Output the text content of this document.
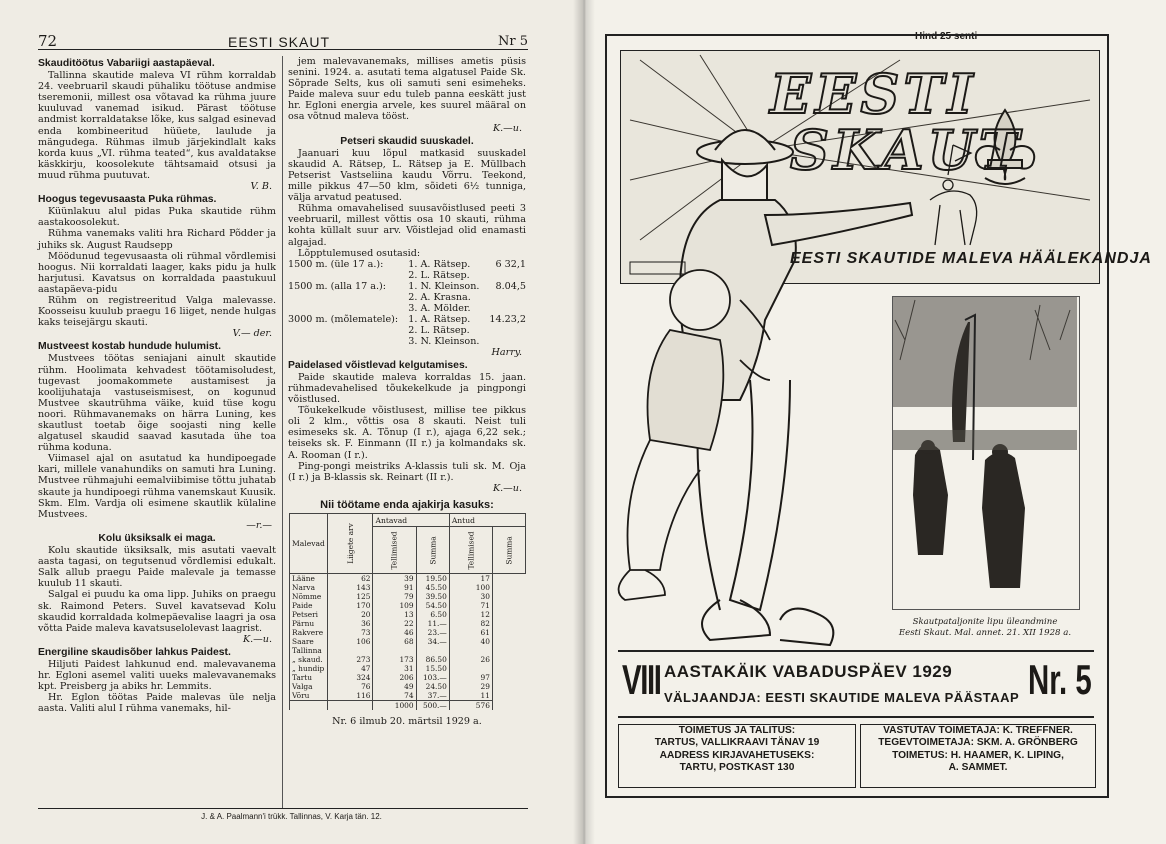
72	EESTI SKAUT	Nr 5
Skauditöötus Vabariigi aastapäeval.

Tallinna skautide maleva VI rühm korraldab 24. veebruaril skaudi pühaliku töötuse andmise tseremonii, millest osa võtavad ka rühma juure kuuluvad vanemad isikud. Pärast töötuse andmist korraldatakse lõke, kus salgad esinevad enda kombineeritud hüüete, laulude ja mängudega. Rühmas ilmub järjekindlalt kaks korda kuus „VI. rühma teated“, kus avaldatakse käskkirju, koosolekute tähtsamaid otsusi ja muud rühma puutuvat.

V. B.
Hoogus tegevusaasta Puka rühmas.

Küünlakuu alul pidas Puka skautide rühm aastakoosolekut.

Rühma vanemaks valiti hra Richard Põdder ja juhiks sk. August Raudsepp

Möödunud tegevusaasta oli rühmal võrdlemisi hoogus. Nii korraldati laager, kaks pidu ja hulk harjutusi. Kavatsus on korraldada paastukuul aastapäeva-pidu

Rühm on registreeritud Valga malevasse. Koosseisu kuulub praegu 16 liiget, nende hulgas kaks teisejärgu skauti.

V.— der.
Mustveest kostab hundude hulumist.

Mustvees töötas seniajani ainult skautide rühm. Hoolimata kehvadest töötamisoludest, tugevast joomakommete austamisest ja koolijuhataja vastuseismisest, on kogunud Mustvee skautrühma väike, kuid tüse kogu noori. Rühmavanemaks on härra Luning, kes skautlust toetab õige soojasti ning kelle algatusel skaudid saavad kasutada ühe toa rühma koduna.

Viimasel ajal on asutatud ka hundipoegade kari, millele vanahundiks on samuti hra Luning. Mustvee rühmajuhi eemalviibimise tõttu juhatab skaute ja hundipoegi rühma vanemskaut Kuusik. Skm. Elm. Vardja oli esimene skautlik külaline Mustvees.

—r.—
Kolu üksiksalk ei maga.

Kolu skautide üksiksalk, mis asutati vaevalt aasta tagasi, on tegutsenud võrdlemisi edukalt. Salk allub praegu Paide malevale ja temasse kuulub 11 skauti.

Salgal ei puudu ka oma lipp. Juhiks on praegu sk. Raimond Peters. Suvel kavatsevad Kolu skaudid korraldada kolmepäevalise laagri ja osa võtta Paide maleva kavatsuselolevast laagrist.

K.—u.
Energiline skaudisõber lahkus Paidest.

Hiljuti Paidest lahkunud end. malevavanema hr. Egloni asemel valiti uueks malevavanemaks kpt. Preisberg ja abiks hr. Lemmits.

Hr. Eglon töötas Paide malevas üle nelja aasta. Valiti alul I rühma vanemaks, hil-

jem malevavanemaks, millises ametis püsis senini. 1924. a. asutati tema algatusel Paide Sk. Sõprade Selts, kus oli samuti seni esimeheks. Paide maleva suur edu tuleb panna eeskätt just hr. Egloni energia arvele, kes suurel määral on osa võtnud maleva tööst.

K.—u.
Petseri skaudid suuskadel.

Jaanuari kuu lõpul matkasid suuskadel skaudid A. Rätsep, L. Rätsep ja E. Müllbach Petserist Vastseliina kaudu Võrru. Teekond, mille pikkus 47—50 klm, sõideti 6½ tunniga, välja arvatud peatused.

Rühma omavahelised suusavõistlused peeti 3 veebruaril, millest võttis osa 10 skauti, rühma kohta küllalt suur arv. Võistlejad olid enamasti algajad.

Lõpptulemused osutasid:

1500 m. (üle 17 a.):	1. A. Rätsep.	6 32,1
	2. L. Rätsep.	
1500 m. (alla 17 a.):	1. N. Kleinson.	8.04,5
	2. A. Krasna.	
	3. A. Mölder.	
3000 m. (mõlematele):	1. A. Rätsep.	14.23,2
	2. L. Rätsep.	
	3. N. Kleinson.	
Harry.
Paidelased võistlevad kelgutamises.

Paide skautide maleva korraldas 15. jaan. rühmadevahelised tõukekelkude ja pingpongi võistlused.

Tõukekelkude võistlusest, millise tee pikkus oli 2 klm., võttis osa 8 skauti. Neist tuli esimeseks sk. A. Tõnup (I r.), ajaga 6,22 sek.; teiseks sk. F. Einmann (II r.) ja kolmandaks sk. A. Rooman (I r.).

Ping-pongi meistriks A-klassis tuli sk. M. Oja (I r.) ja B-klassis sk. Reinart (II r.).

K.—u.
Nii töötame enda ajakirja kasuks:
Malevad	Liigete arv	Antavad		Antud	
		Tellimised	Summa	Tellimised	Summa
Lääne	62	39	19.50	17	
Narva	143	91	45.50	100	
Nõmme	125	79	39.50	30	
Paide	170	109	54.50	71	
Petseri	20	13	6.50	12	
Pärnu	36	22	11.—	82	
Rakvere	73	46	23.—	61	
Saare	106	68	34.—	40	
Tallinna					
„ skaud.	273	173	86.50	26	
„ hundip	47	31	15.50		
Tartu	324	206	103.—	97	
Valga	76	49	24.50	29	
Võru	116	74	37.—	11	
		1000	500.—	576	
Nr. 6 ilmub 20. märtsil 1929 a.
J. & A. Paalmann'i trükk. Tallinnas, V. Karja tän. 12.
Hind 25 senti
EESTI
SKAUT
EESTI SKAUTIDE MALEVA HÄÄLEKANDJA
Skautpataljonite lipu üleandmine
Eesti Skaut. Mal. annet. 21. XII 1928 a.
VIII AASTAKÄIK VABADUSPÄEV 1929
VÄLJAANDJA: EESTI SKAUTIDE MALEVA PÄÄSTAAP Nr. 5
TOIMETUS JA TALITUS:
TARTUS, VALLIKRAAVI TÄNAV 19
AADRESS KIRJAVAHETUSEKS:
TARTU, POSTKAST 130
VASTUTAV TOIMETAJA: K. TREFFNER.
TEGEVTOIMETAJA: SKM. A. GRÖNBERG
TOIMETUS: H. HAAMER, K. LIPING,
A. SAMMET.
